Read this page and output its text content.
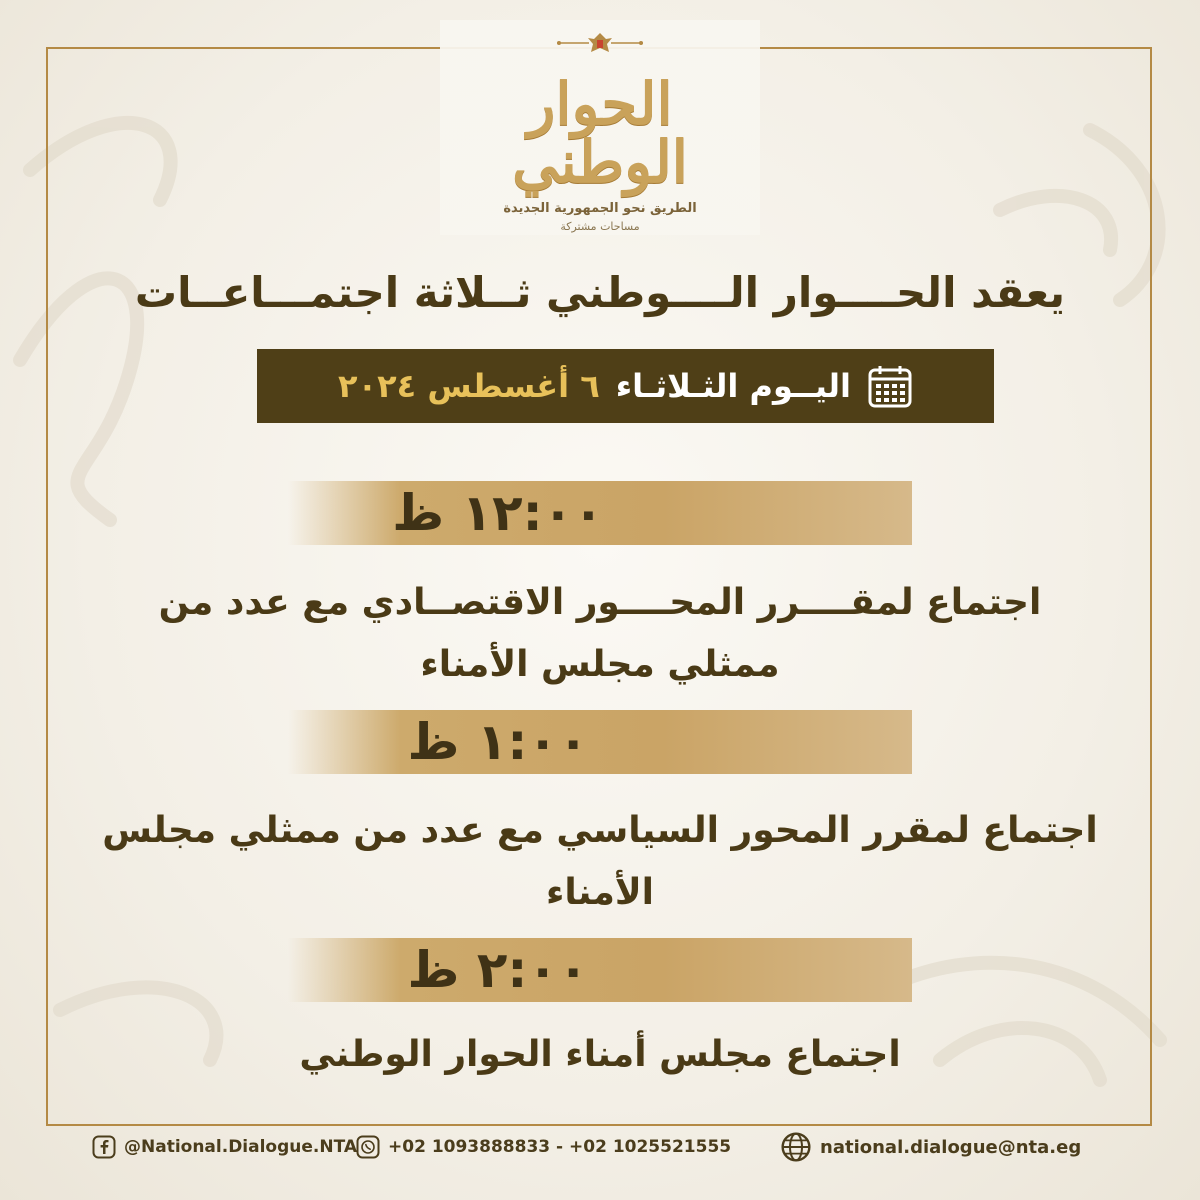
الحوار الوطني
الطريق نحو الجمهورية الجديدة
مساحات مشتركة
يعقد الحــــوار الــــوطني ثــلاثة اجتمـــاعــات
اليــوم الثـلاثـاء
٦ أغسطس ٢٠٢٤
١٢:٠٠ ظ
اجتماع لمقــــرر المحــــور الاقتصــادي مع عدد من ممثلي مجلس الأمناء
١:٠٠ ظ
اجتماع لمقرر المحور السياسي مع عدد من ممثلي مجلس الأمناء
٢:٠٠ ظ
اجتماع مجلس أمناء الحوار الوطني
@National.Dialogue.NTA +02 1093888833 - +02 1025521555	national.dialogue@nta.eg
